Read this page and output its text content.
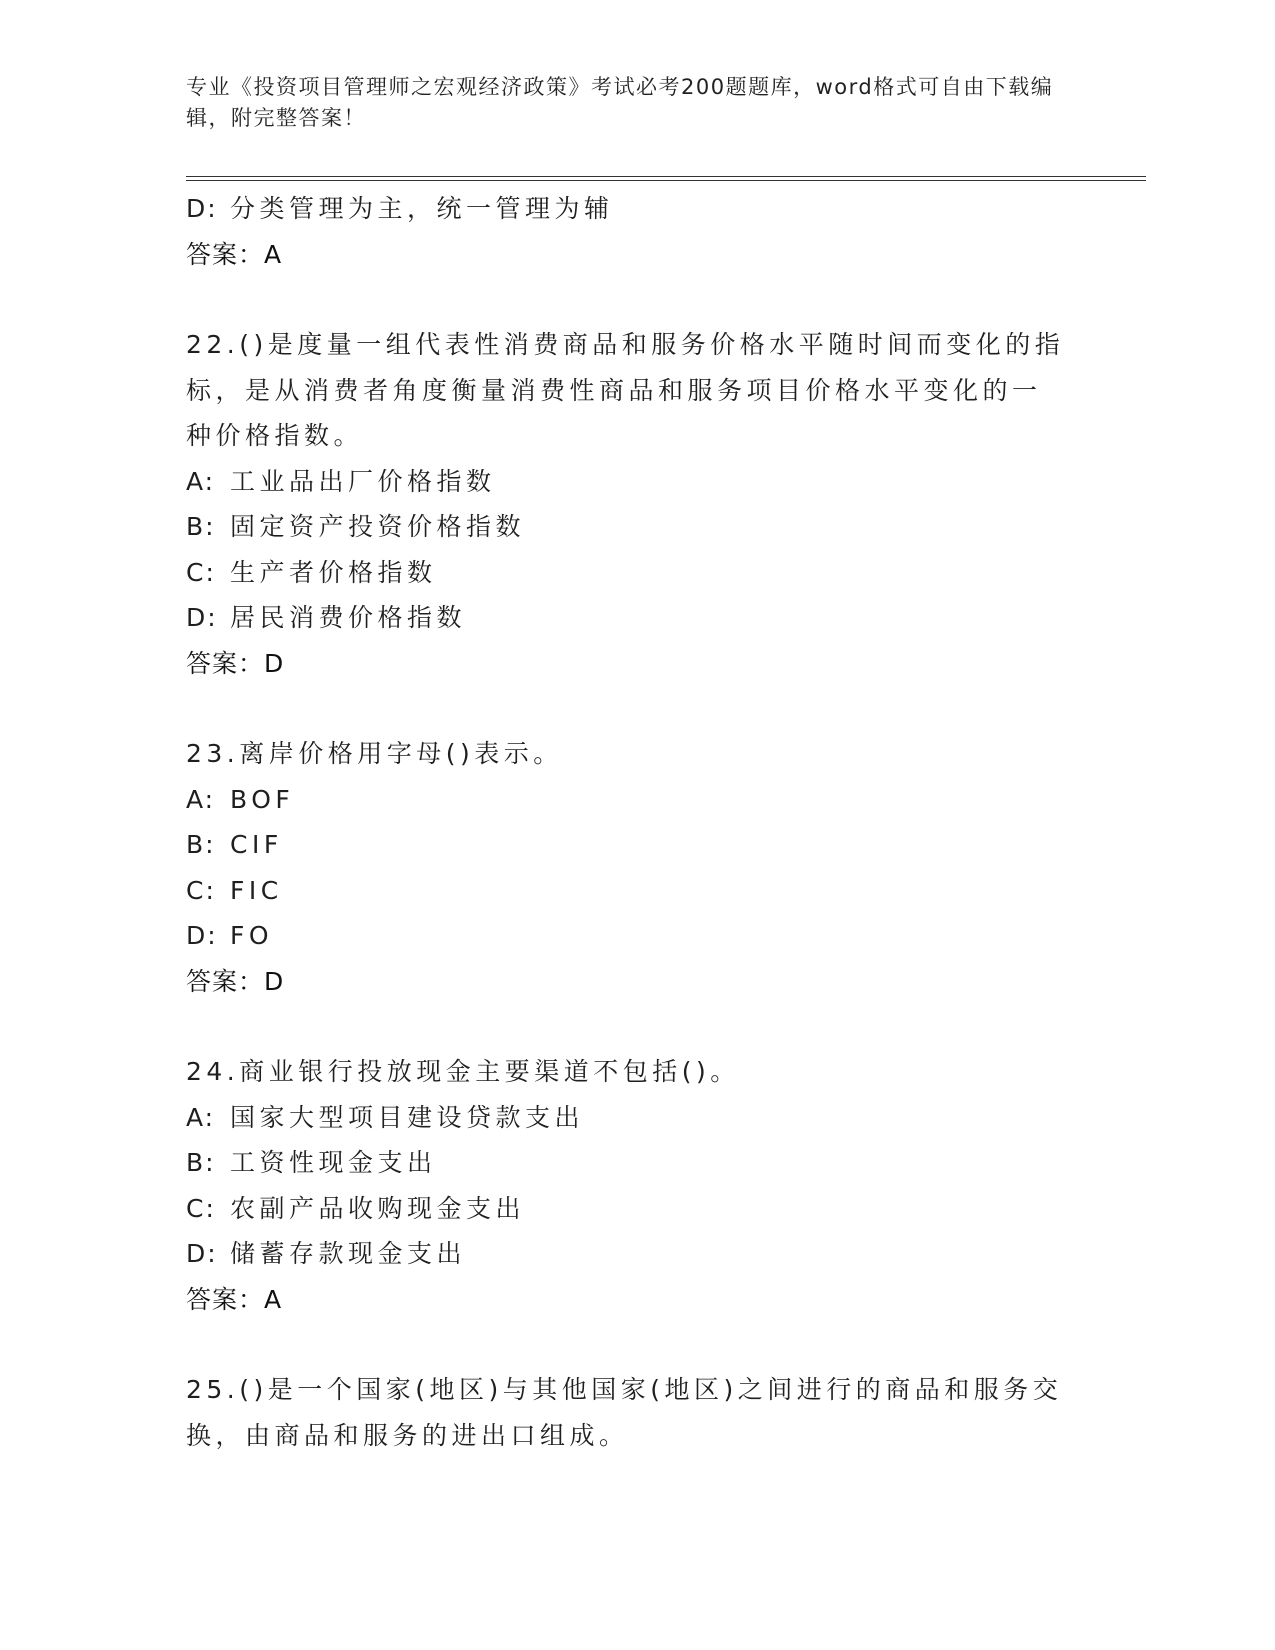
专业《投资项目管理师之宏观经济政策》考试必考200题题库，word格式可自由下载编辑，附完整答案！
D: 分类管理为主，统一管理为辅
答案：A
22.()是度量一组代表性消费商品和服务价格水平随时间而变化的指标，是从消费者角度衡量消费性商品和服务项目价格水平变化的一种价格指数。
A: 工业品出厂价格指数
B: 固定资产投资价格指数
C: 生产者价格指数
D: 居民消费价格指数
答案：D
23.离岸价格用字母()表示。
A: BOF
B: CIF
C: FIC
D: FO
答案：D
24.商业银行投放现金主要渠道不包括()。
A: 国家大型项目建设贷款支出
B: 工资性现金支出
C: 农副产品收购现金支出
D: 储蓄存款现金支出
答案：A
25.()是一个国家(地区)与其他国家(地区)之间进行的商品和服务交换，由商品和服务的进出口组成。
